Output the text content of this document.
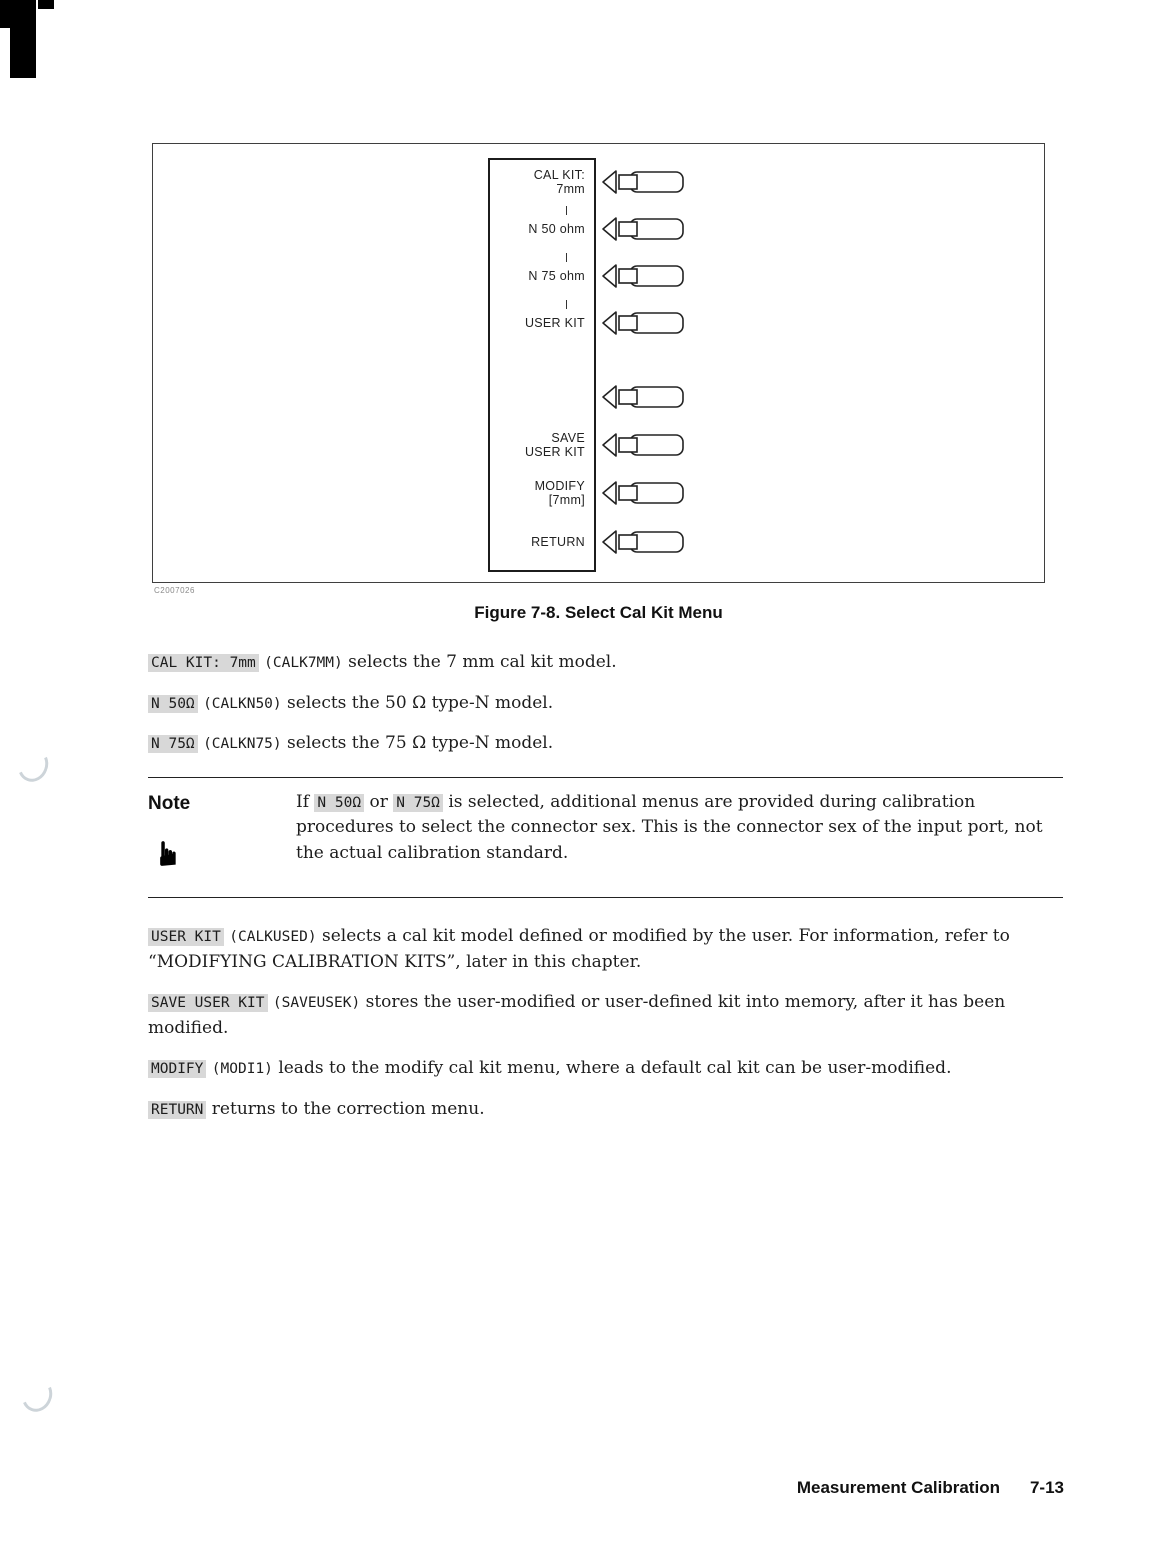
CAL KIT:
7mm
N 50 ohm
N 75 ohm
USER KIT
SAVE
USER KIT
MODIFY
[7mm]
RETURN
C2007026
Figure 7-8. Select Cal Kit Menu

CAL KIT: 7mm (CALK7MM) selects the 7 mm cal kit model.

N 50Ω (CALKN50) selects the 50 Ω type-N model.

N 75Ω (CALKN75) selects the 75 Ω type-N model.

Note
☛
If N 50Ω or N 75Ω is selected, additional menus are provided during calibration procedures to select the connector sex. This is the connector sex of the input port, not the actual calibration standard.

USER KIT (CALKUSED) selects a cal kit model defined or modified by the user. For information, refer to “MODIFYING CALIBRATION KITS”, later in this chapter.

SAVE USER KIT (SAVEUSEK) stores the user-modified or user-defined kit into memory, after it has been modified.

MODIFY (MODI1) leads to the modify cal kit menu, where a default cal kit can be user-modified.

RETURN returns to the correction menu.

Measurement Calibration 7-13
